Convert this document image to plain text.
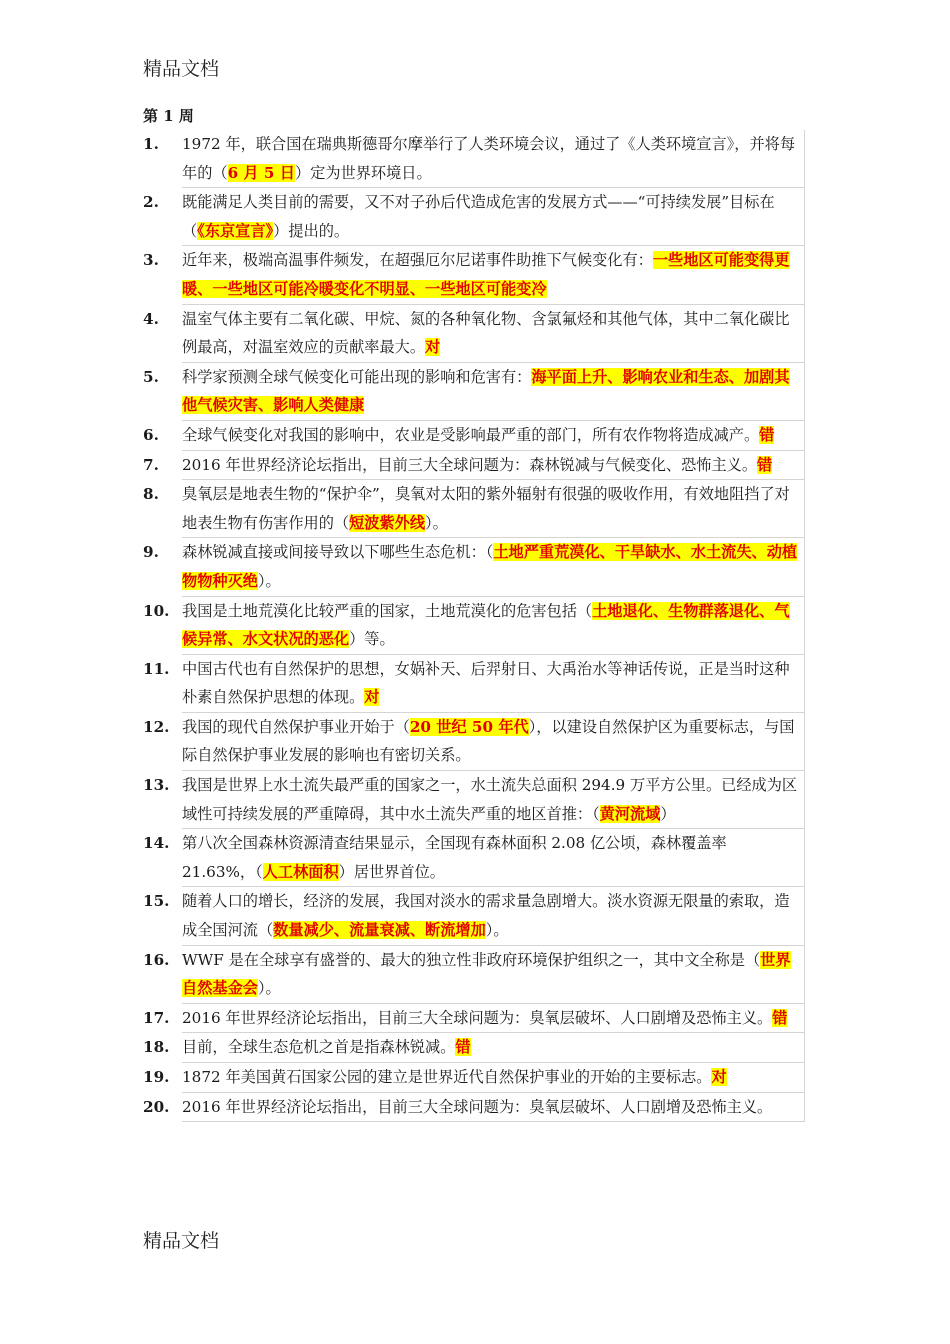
精品文档
第 1 周
1. 1972 年，联合国在瑞典斯德哥尔摩举行了人类环境会议，通过了《人类环境宣言》，并将每年的（6 月 5 日）定为世界环境日。
2. 既能满足人类目前的需要，又不对子孙后代造成危害的发展方式——“可持续发展”目标在（《东京宣言》）提出的。
3. 近年来，极端高温事件频发，在超强厄尔尼诺事件助推下气候变化有：一些地区可能变得更暖、一些地区可能冷暖变化不明显、一些地区可能变冷
4. 温室气体主要有二氧化碳、甲烷、氮的各种氧化物、含氯氟烃和其他气体，其中二氧化碳比例最高，对温室效应的贡献率最大。对
5. 科学家预测全球气候变化可能出现的影响和危害有：海平面上升、影响农业和生态、加剧其他气候灾害、影响人类健康
6. 全球气候变化对我国的影响中，农业是受影响最严重的部门，所有农作物将造成减产。错
7. 2016 年世界经济论坛指出，目前三大全球问题为：森林锐减与气候变化、恐怖主义。错
8. 臭氧层是地表生物的“保护伞”，臭氧对太阳的紫外辐射有很强的吸收作用，有效地阻挡了对地表生物有伤害作用的（短波紫外线）。
9. 森林锐减直接或间接导致以下哪些生态危机：（土地严重荒漠化、干旱缺水、水土流失、动植物物种灭绝）。
10. 我国是土地荒漠化比较严重的国家，土地荒漠化的危害包括（土地退化、生物群落退化、气候异常、水文状况的恶化）等。
11. 中国古代也有自然保护的思想，女娲补天、后羿射日、大禹治水等神话传说，正是当时这种朴素自然保护思想的体现。对
12. 我国的现代自然保护事业开始于（20 世纪 50 年代），以建设自然保护区为重要标志，与国际自然保护事业发展的影响也有密切关系。
13. 我国是世界上水土流失最严重的国家之一，水土流失总面积 294.9 万平方公里。已经成为区域性可持续发展的严重障碍，其中水土流失严重的地区首推：（黄河流域）
14. 第八次全国森林资源清查结果显示，全国现有森林面积 2.08 亿公顷，森林覆盖率 21.63%，（人工林面积）居世界首位。
15. 随着人口的增长，经济的发展，我国对淡水的需求量急剧增大。淡水资源无限量的索取，造成全国河流（数量减少、流量衰减、断流增加）。
16. WWF 是在全球享有盛誉的、最大的独立性非政府环境保护组织之一，其中文全称是（世界自然基金会）。
17. 2016 年世界经济论坛指出，目前三大全球问题为：臭氧层破坏、人口剧增及恐怖主义。错
18. 目前，全球生态危机之首是指森林锐减。错
19. 1872 年美国黄石国家公园的建立是世界近代自然保护事业的开始的主要标志。对
20. 2016 年世界经济论坛指出，目前三大全球问题为：臭氧层破坏、人口剧增及恐怖主义。
精品文档
